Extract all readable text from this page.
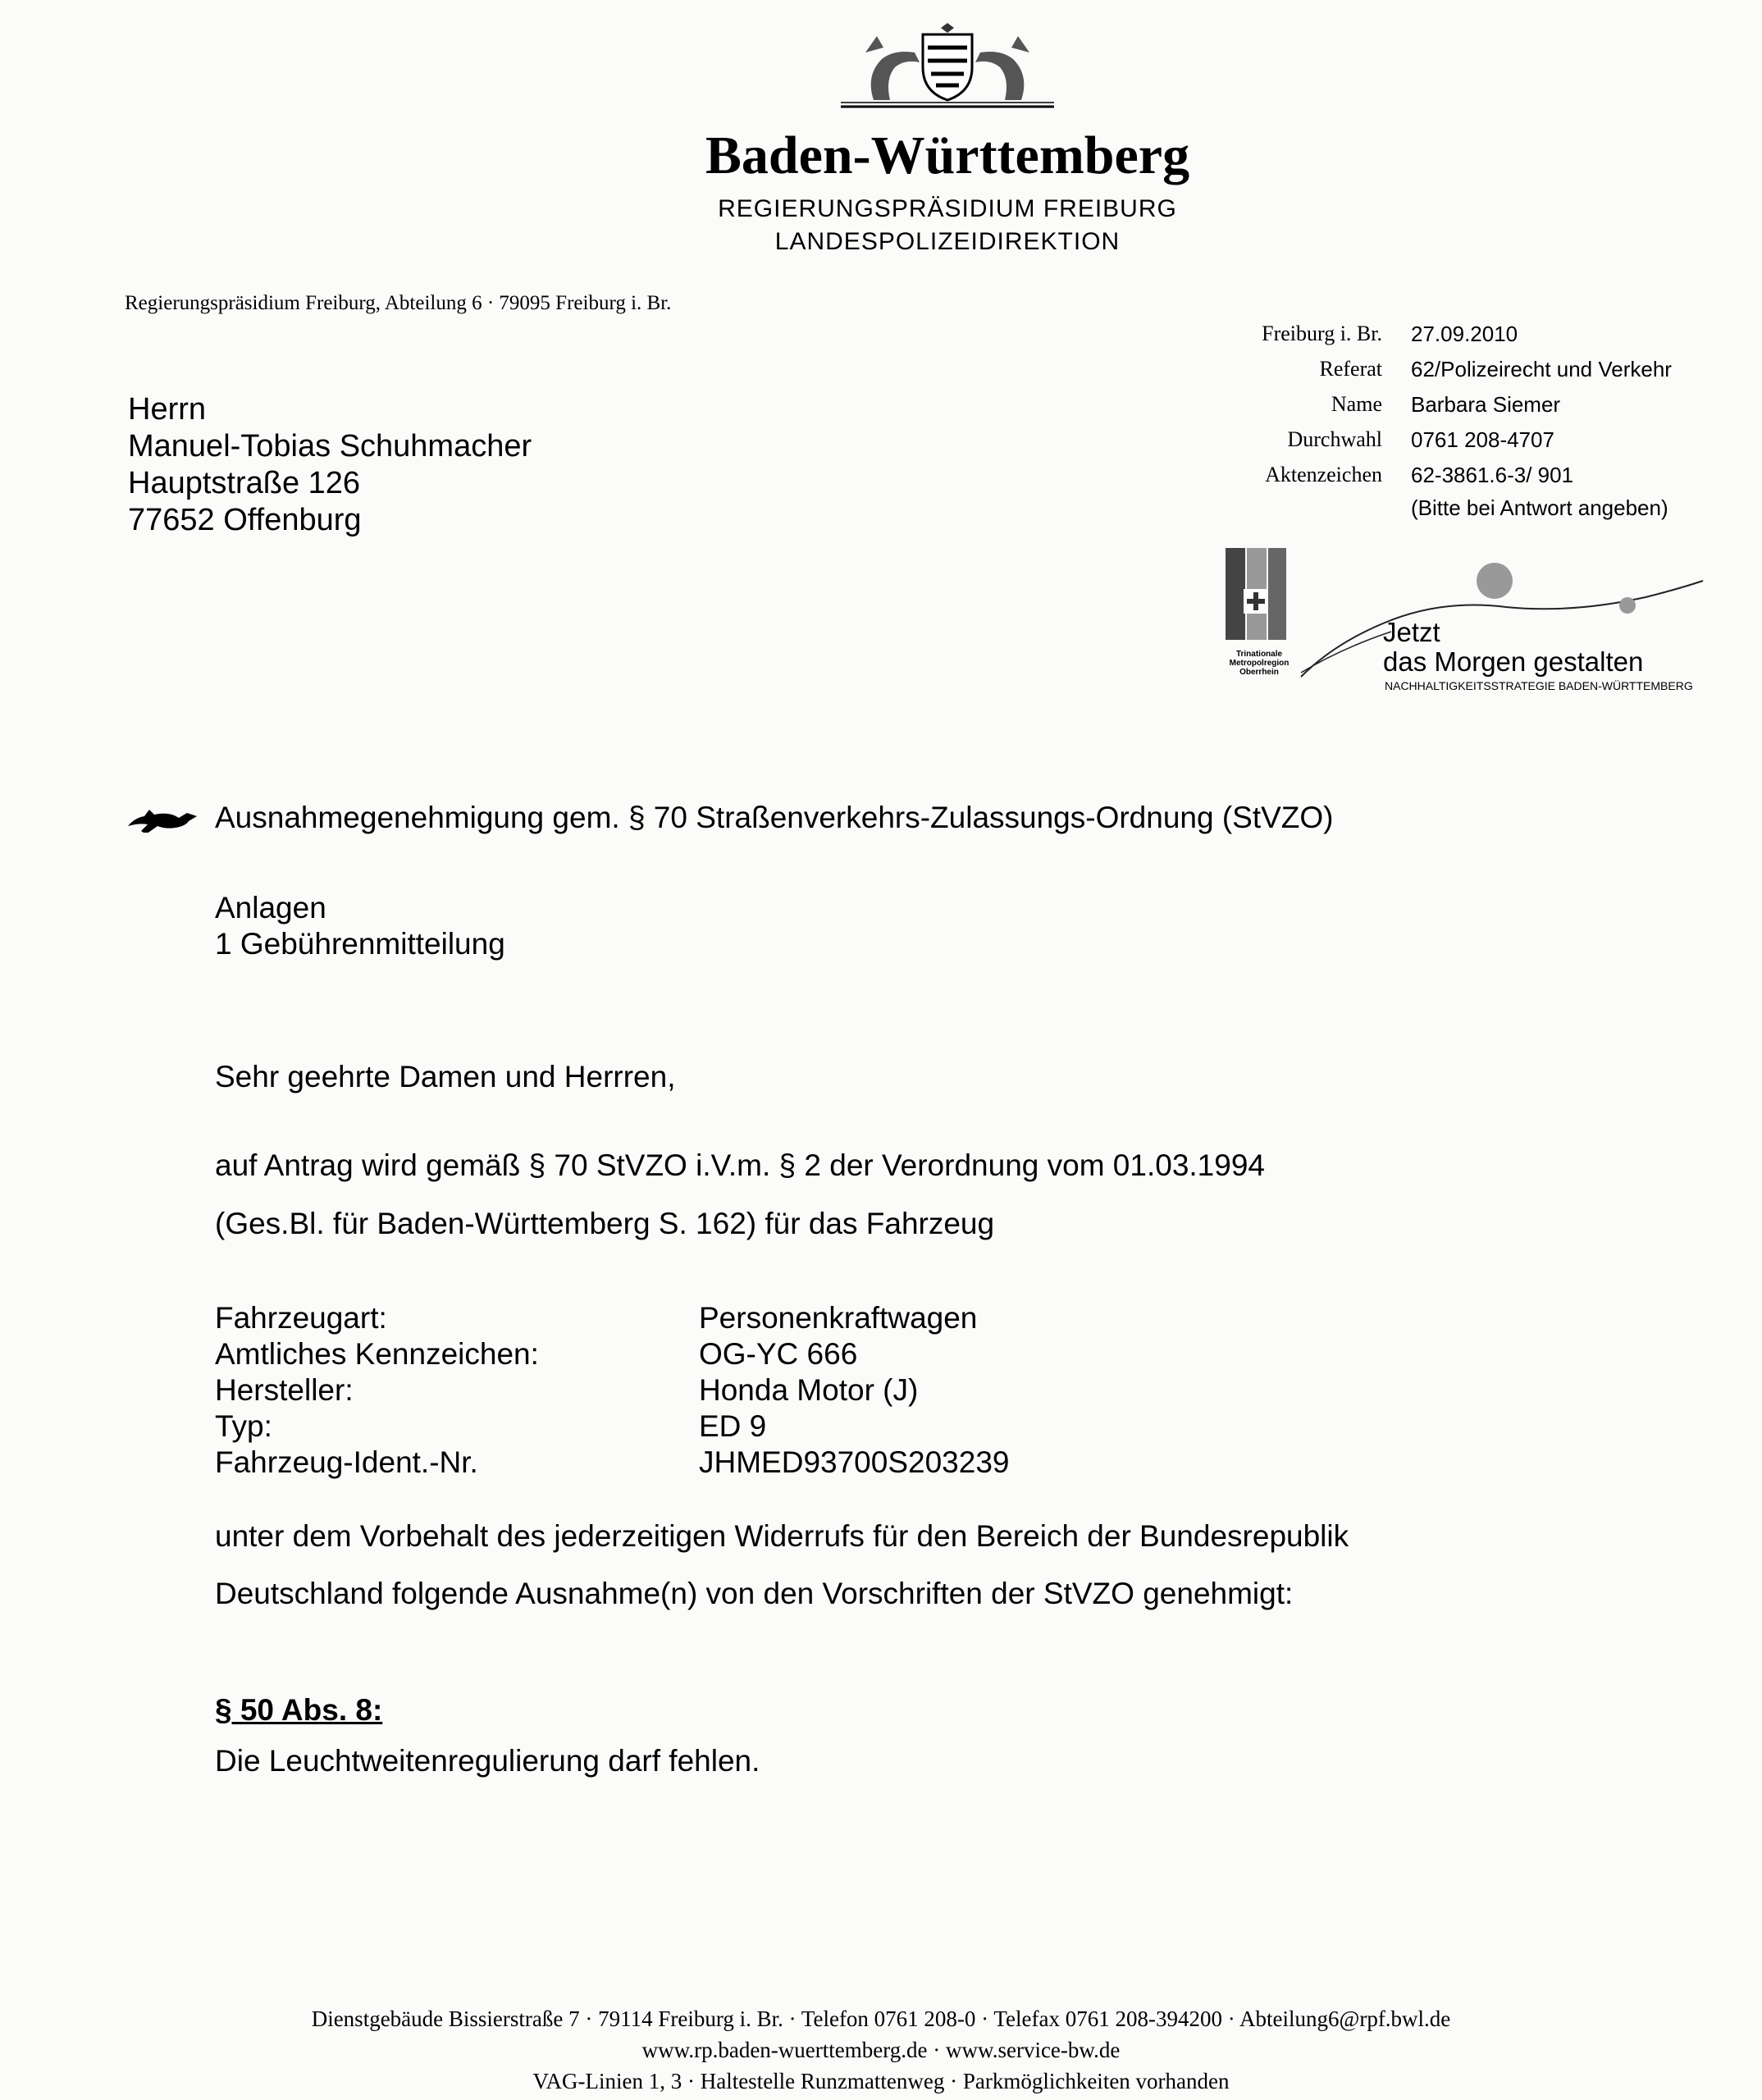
Baden-Württemberg
REGIERUNGSPRÄSIDIUM FREIBURG
LANDESPOLIZEIDIREKTION
Regierungspräsidium Freiburg, Abteilung 6 · 79095 Freiburg i. Br.
Herrn
Manuel-Tobias Schuhmacher
Hauptstraße 126
77652 Offenburg
Freiburg i. Br. 27.09.2010
Referat 62/Polizeirecht und Verkehr
Name Barbara Siemer
Durchwahl 0761 208-4707
Aktenzeichen 62-3861.6-3/ 901
(Bitte bei Antwort angeben)
Trinationale Metropolregion Oberrhein
Jetzt
das Morgen gestalten
NACHHALTIGKEITSSTRATEGIE BADEN-WÜRTTEMBERG
Ausnahmegenehmigung gem. § 70 Straßenverkehrs-Zulassungs-Ordnung (StVZO)
Anlagen
1 Gebührenmitteilung
Sehr geehrte Damen und Herrren,
auf Antrag wird gemäß § 70 StVZO i.V.m. § 2 der Verordnung vom 01.03.1994
(Ges.Bl. für Baden-Württemberg S. 162) für das Fahrzeug
Fahrzeugart:	Personenkraftwagen
Amtliches Kennzeichen:	OG-YC 666
Hersteller:	Honda Motor (J)
Typ:	ED 9
Fahrzeug-Ident.-Nr.	JHMED93700S203239
unter dem Vorbehalt des jederzeitigen Widerrufs für den Bereich der Bundesrepublik
Deutschland folgende Ausnahme(n) von den Vorschriften der StVZO genehmigt:
§ 50 Abs. 8:
Die Leuchtweitenregulierung darf fehlen.
Dienstgebäude Bissierstraße 7 · 79114 Freiburg i. Br. · Telefon 0761 208-0 · Telefax 0761 208-394200 · Abteilung6@rpf.bwl.de
www.rp.baden-wuerttemberg.de · www.service-bw.de
VAG-Linien 1, 3 · Haltestelle Runzmattenweg · Parkmöglichkeiten vorhanden
